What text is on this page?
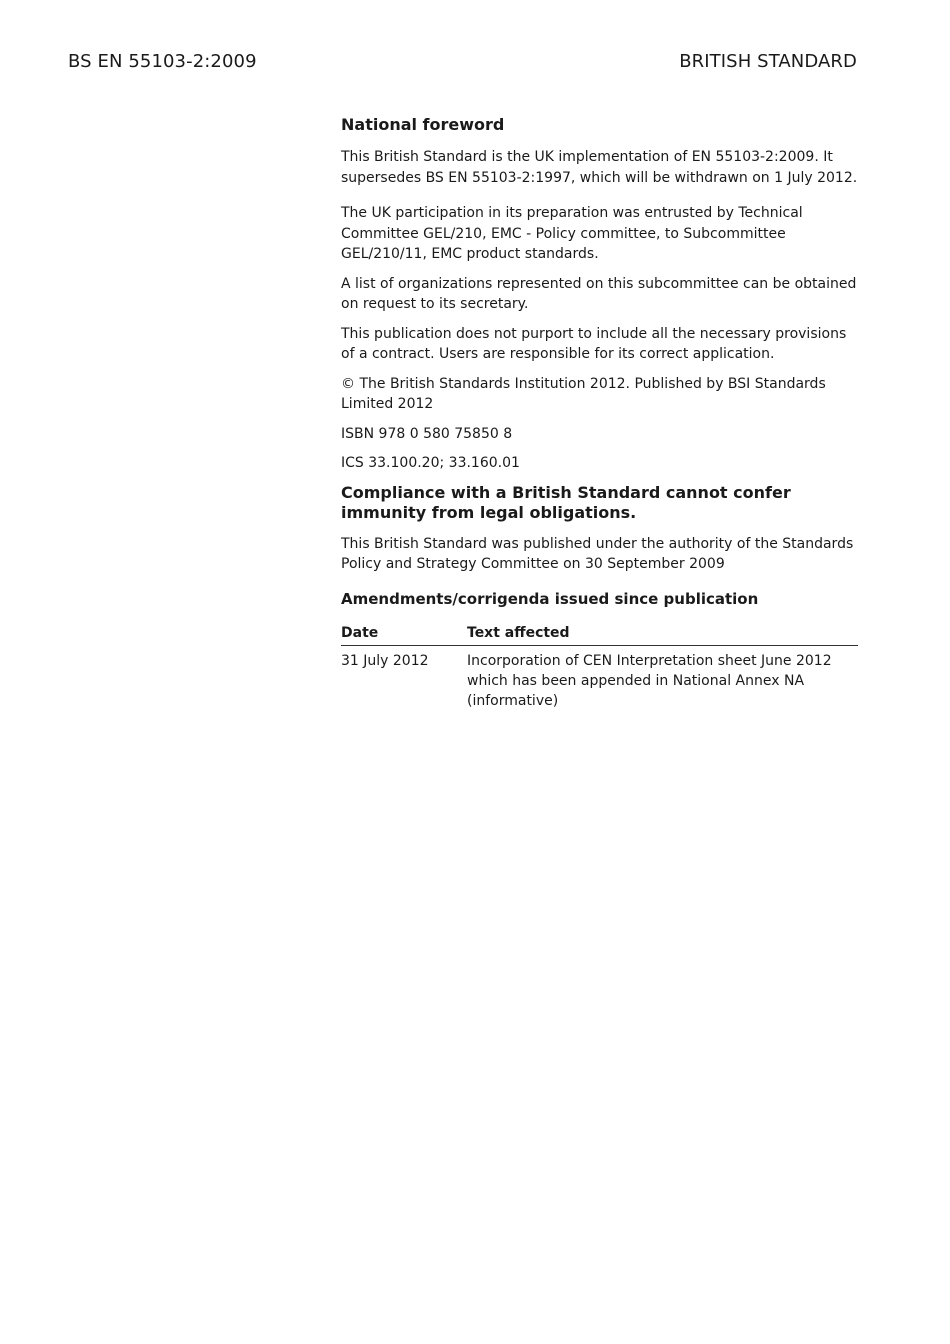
BS EN 55103-2:2009	BRITISH STANDARD
National foreword
This British Standard is the UK implementation of EN 55103-2:2009. It supersedes BS EN 55103-2:1997, which will be withdrawn on 1 July 2012.
The UK participation in its preparation was entrusted by Technical Committee GEL/210, EMC - Policy committee, to Subcommittee GEL/210/11, EMC product standards.
A list of organizations represented on this subcommittee can be obtained on request to its secretary.
This publication does not purport to include all the necessary provisions of a contract. Users are responsible for its correct application.
© The British Standards Institution 2012. Published by BSI Standards Limited 2012
ISBN 978 0 580 75850 8
ICS 33.100.20; 33.160.01
Compliance with a British Standard cannot confer immunity from legal obligations.
This British Standard was published under the authority of the Standards Policy and Strategy Committee on 30 September 2009
Amendments/corrigenda issued since publication
Date	Text affected
31 July 2012	Incorporation of CEN Interpretation sheet June 2012 which has been appended in National Annex NA (informative)
